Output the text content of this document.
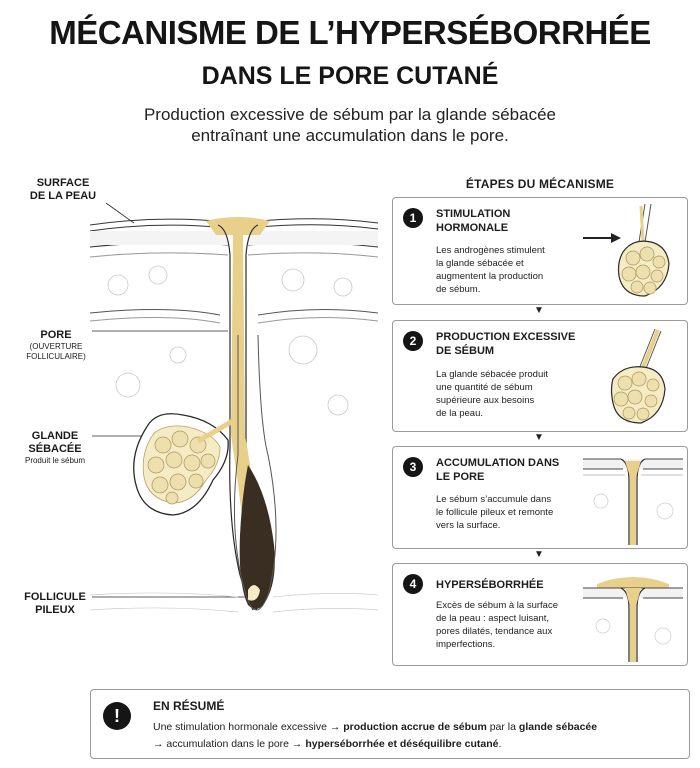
MÉCANISME DE L’HYPERSÉBORRHÉE
DANS LE PORE CUTANÉ
Production excessive de sébum par la glande sébacée
entraînant une accumulation dans le pore.
SURFACE
DE LA PEAU
PORE
(OUVERTURE
FOLLICULAIRE)
GLANDE
SÉBACÉE
Produit le sébum
FOLLICULE
PILEUX
ÉTAPES DU MÉCANISME
1	STIMULATION
HORMONALE
Les androgènes stimulent
la glande sébacée et
augmentent la production
de sébum.
▼
2	PRODUCTION EXCESSIVE
DE SÉBUM
La glande sébacée produit
une quantité de sébum
supérieure aux besoins
de la peau.
▼
3	ACCUMULATION DANS
LE PORE
Le sébum s’accumule dans
le follicule pileux et remonte
vers la surface.
▼
4	HYPERSÉBORRHÉE
Excès de sébum à la surface
de la peau : aspect luisant,
pores dilatés, tendance aux
imperfections.
!	EN RÉSUMÉ
Une stimulation hormonale excessive → production accrue de sébum par la glande sébacée
→ accumulation dans le pore → hyperséborrhée et déséquilibre cutané.
